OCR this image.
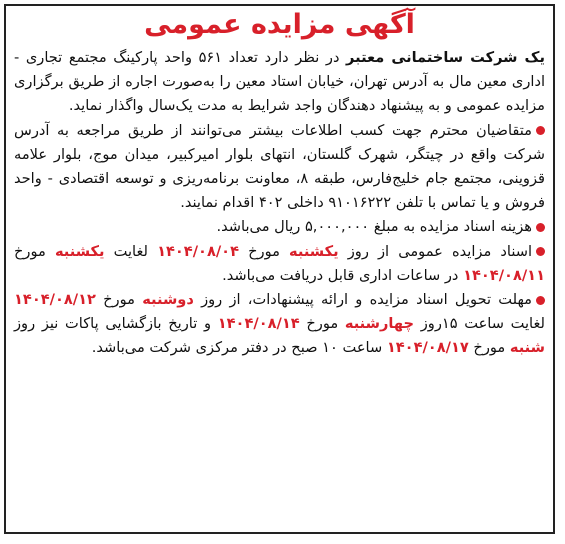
آگهی مزایده عمومی

یک شرکت ساختمانی معتبر در نظر دارد تعداد ۵۶۱ واحد پارکینگ مجتمع تجاری - اداری معین مال به آدرس تهران، خیابان استاد معین را به‌صورت اجاره از طریق برگزاری مزایده عمومی و به پیشنهاد دهندگان واجد شرایط به مدت یک‌سال واگذار نماید.

متقاضیان محترم جهت کسب اطلاعات بیشتر می‌توانند از طریق مراجعه به آدرس شرکت واقع در چیتگر، شهرک گلستان، انتهای بلوار امیرکبیر، میدان موج، بلوار علامه قزوینی، مجتمع جام خلیج‌فارس، طبقه ۸، معاونت برنامه‌ریزی و توسعه اقتصادی - واحد فروش و یا تماس با تلفن ۹۱۰۱۶۲۲۲ داخلی ۴۰۲ اقدام نمایند.

هزینه اسناد مزایده به مبلغ ۵,۰۰۰,۰۰۰ ریال می‌باشد.

اسناد مزایده عمومی از روز یکشنبه مورخ ۱۴۰۴/۰۸/۰۴ لغایت یکشنبه مورخ ۱۴۰۴/۰۸/۱۱ در ساعات اداری قابل دریافت می‌باشد.

مهلت تحویل اسناد مزایده و ارائه پیشنهادات، از روز دوشنبه مورخ ۱۴۰۴/۰۸/۱۲ لغایت ساعت ۱۵روز چهارشنبه مورخ ۱۴۰۴/۰۸/۱۴ و تاریخ بازگشایی پاکات نیز روز شنبه مورخ ۱۴۰۴/۰۸/۱۷ ساعت ۱۰ صبح در دفتر مرکزی شرکت می‌باشد.
